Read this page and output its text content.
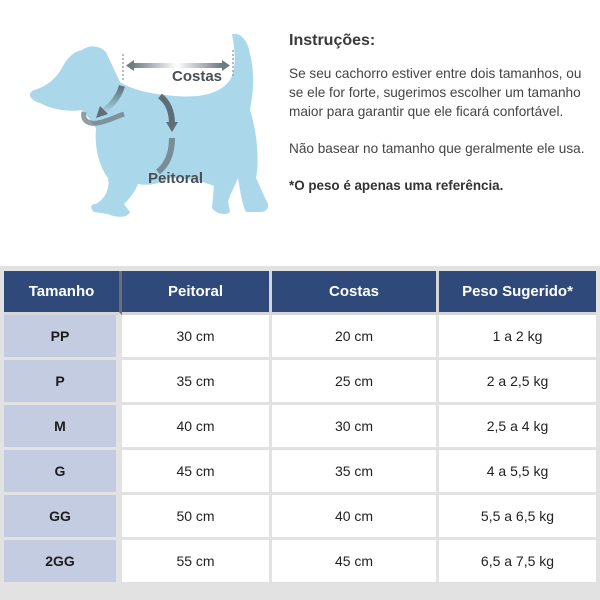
Costas
Peitoral
Instruções:

Se seu cachorro estiver entre dois tamanhos, ou se ele for forte, sugerimos escolher um tamanho maior para garantir que ele ficará confortável.

Não basear no tamanho que geralmente ele usa.

*O peso é apenas uma referência.

Tamanho	Peitoral	Costas	Peso Sugerido*
PP	30 cm	20 cm	1 a 2 kg
P	35 cm	25 cm	2 a 2,5 kg
M	40 cm	30 cm	2,5 a 4 kg
G	45 cm	35 cm	4 a 5,5 kg
GG	50 cm	40 cm	5,5 a 6,5 kg
2GG	55 cm	45 cm	6,5 a 7,5 kg
